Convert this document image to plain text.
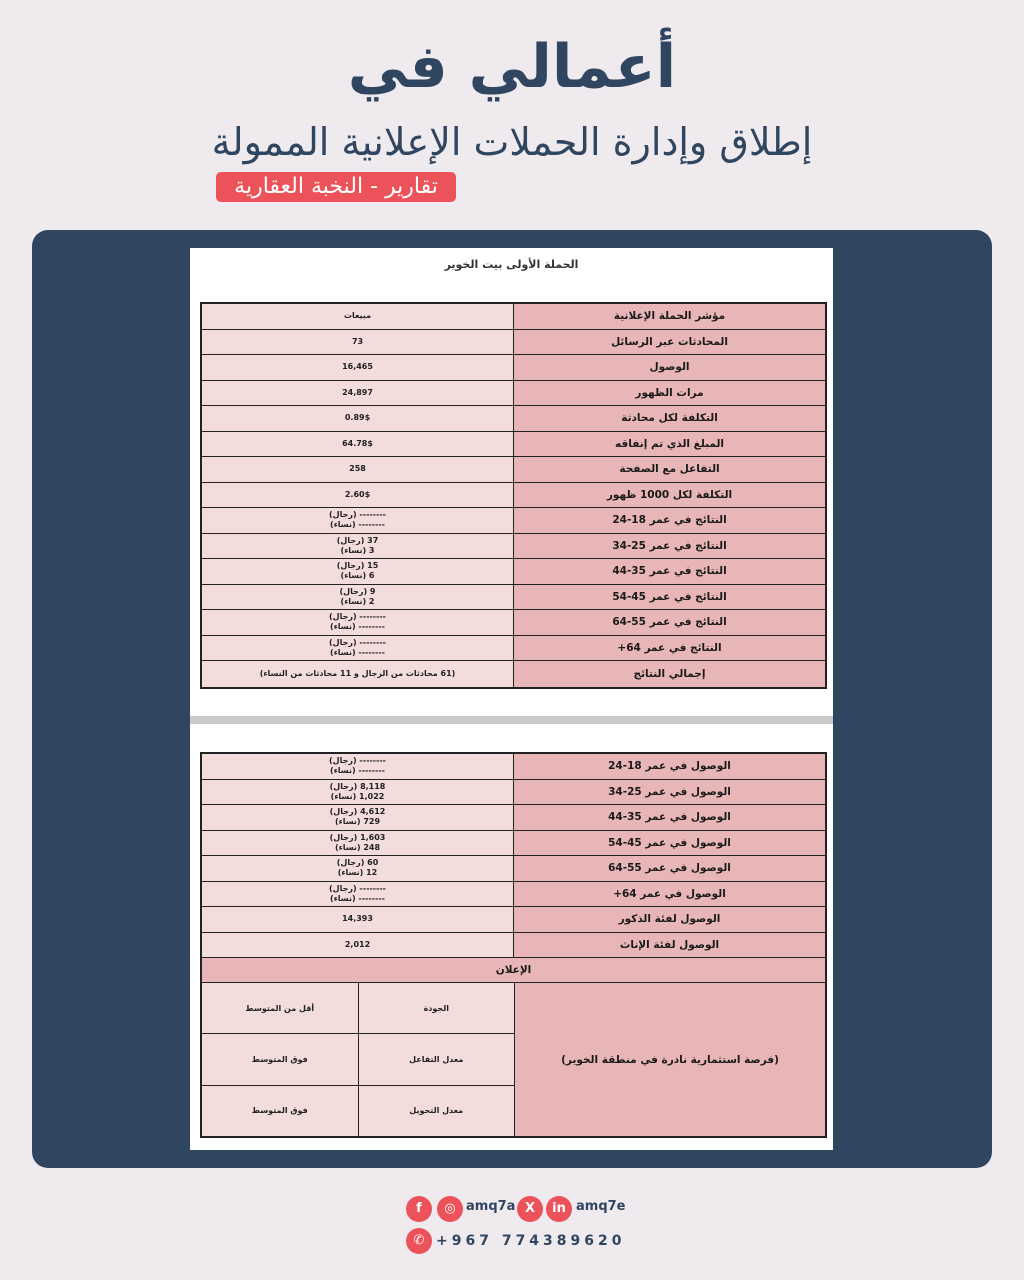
أعمالي في
إطلاق وإدارة الحملات الإعلانية الممولة
تقارير - النخبة العقارية
الحملة الأولى بيت الخوير
مبيعات	مؤشر الحملة الإعلانية
73	المحادثات عبر الرسائل
16,465	الوصول
24,897	مرات الظهور
0.89$	التكلفة لكل محادثة
64.78$	المبلغ الذي تم إنفاقه
258	التفاعل مع الصفحة
2.60$	التكلفة لكل 1000 ظهور
-------- (رجال)
-------- (نساء)	النتائج في عمر 18-24
37 (رجال)
3 (نساء)	النتائج في عمر 25-34
15 (رجال)
6 (نساء)	النتائج في عمر 35-44
9 (رجال)
2 (نساء)	النتائج في عمر 45-54
-------- (رجال)
-------- (نساء)	النتائج في عمر 55-64
-------- (رجال)
-------- (نساء)	النتائج في عمر 64+
(61 محادثات من الرجال و 11 محادثات من النساء)	إجمالي النتائج
-------- (رجال)
-------- (نساء)	الوصول في عمر 18-24
8,118 (رجال)
1,022 (نساء)	الوصول في عمر 25-34
4,612 (رجال)
729 (نساء)	الوصول في عمر 35-44
1,603 (رجال)
248 (نساء)	الوصول في عمر 45-54
60 (رجال)
12 (نساء)	الوصول في عمر 55-64
-------- (رجال)
-------- (نساء)	الوصول في عمر 64+
14,393	الوصول لفئة الذكور
2,012	الوصول لفئة الإناث
الإعلان
أقل من المتوسط	الجودة
فوق المتوسط	معدل التفاعل
فوق المتوسط	معدل التحويل
(فرصة استثمارية نادرة في منطقة الخوير)
f	◎ amq7a X	in amq7e
✆ +967 774389620
